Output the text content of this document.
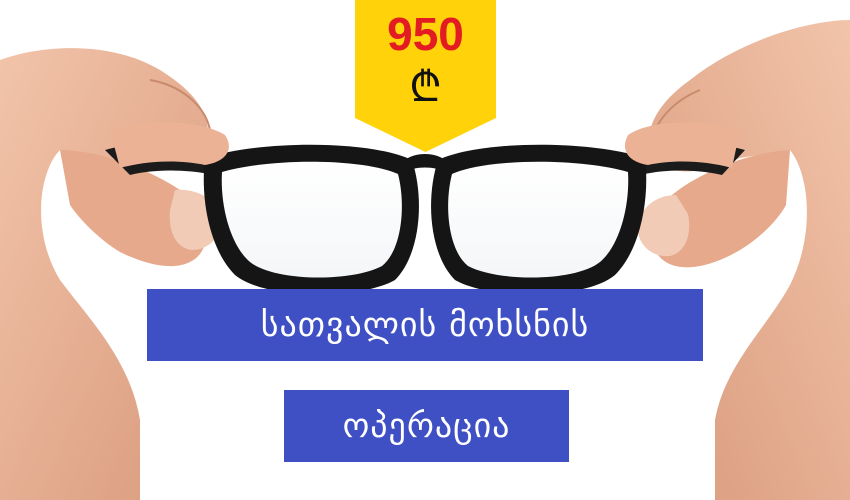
950
₾
სათვალის მოხსნის
ოპერაცია
